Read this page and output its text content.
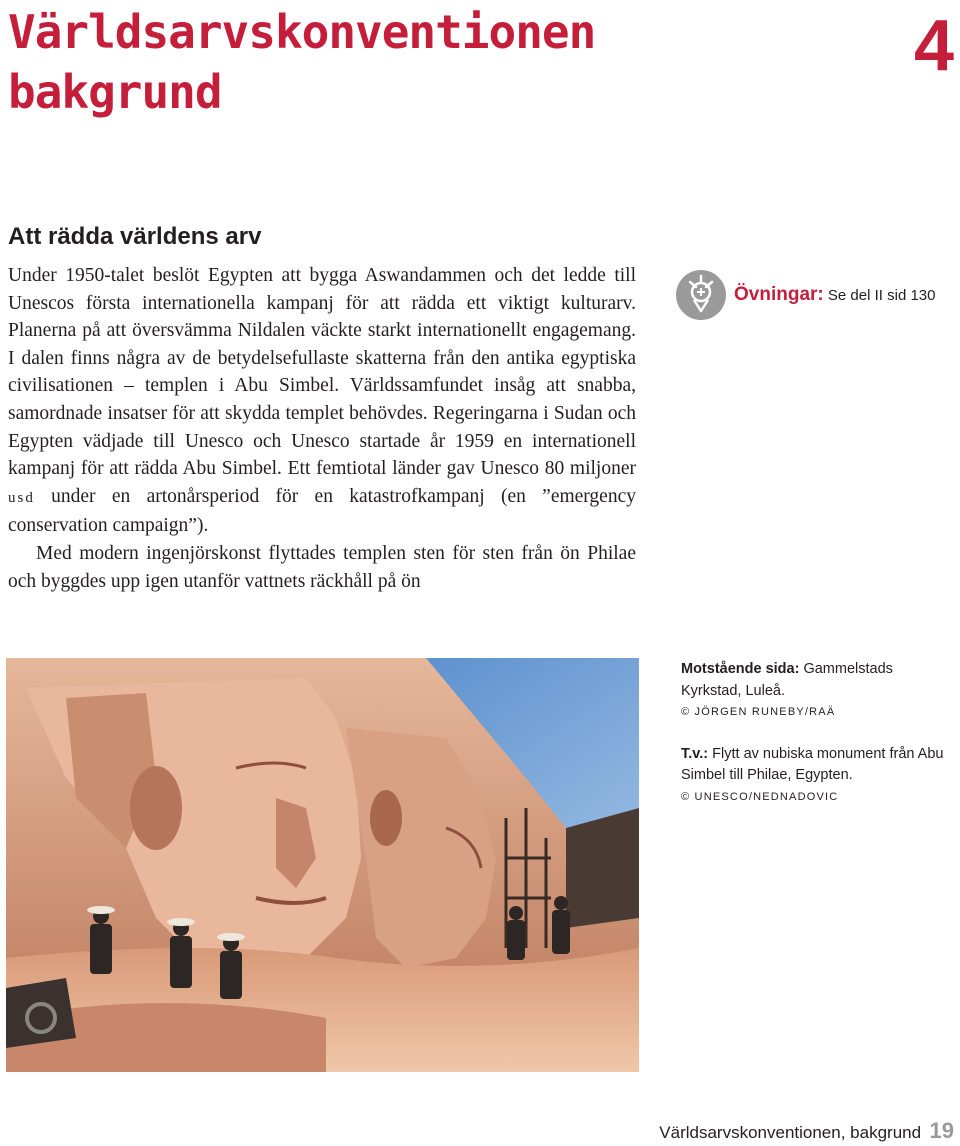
Världsarvskonventionen
bakgrund
4
Att rädda världens arv

Under 1950-talet beslöt Egypten att bygga Aswandammen och det ledde till Unescos första internationella kampanj för att rädda ett viktigt kulturarv. Planerna på att översvämma Nildalen väckte starkt internationellt engagemang. I dalen finns några av de betydelsefullaste skatterna från den antika egyptiska civilisationen – templen i Abu Simbel. Världssamfundet insåg att snabba, samordnade insatser för att skydda templet behövdes. Regeringarna i Sudan och Egypten vädjade till Unesco och Unesco startade år 1959 en internationell kampanj för att rädda Abu Simbel. Ett femtiotal länder gav Unesco 80 miljoner usd under en artonårsperiod för en katastrofkampanj (en ”emergency conservation campaign”).

Med modern ingenjörskonst flyttades templen sten för sten från ön Philae och byggdes upp igen utanför vattnets räckhåll på ön

Övningar: Se del II sid 130
Motstående sida: Gammelstads Kyrkstad, Luleå.
© JÖRGEN RUNEBY/RAÄ
T.v.: Flytt av nubiska monument från Abu Simbel till Philae, Egypten.
© UNESCO/NEDNADOVIC
Världsarvskonventionen, bakgrund 19
